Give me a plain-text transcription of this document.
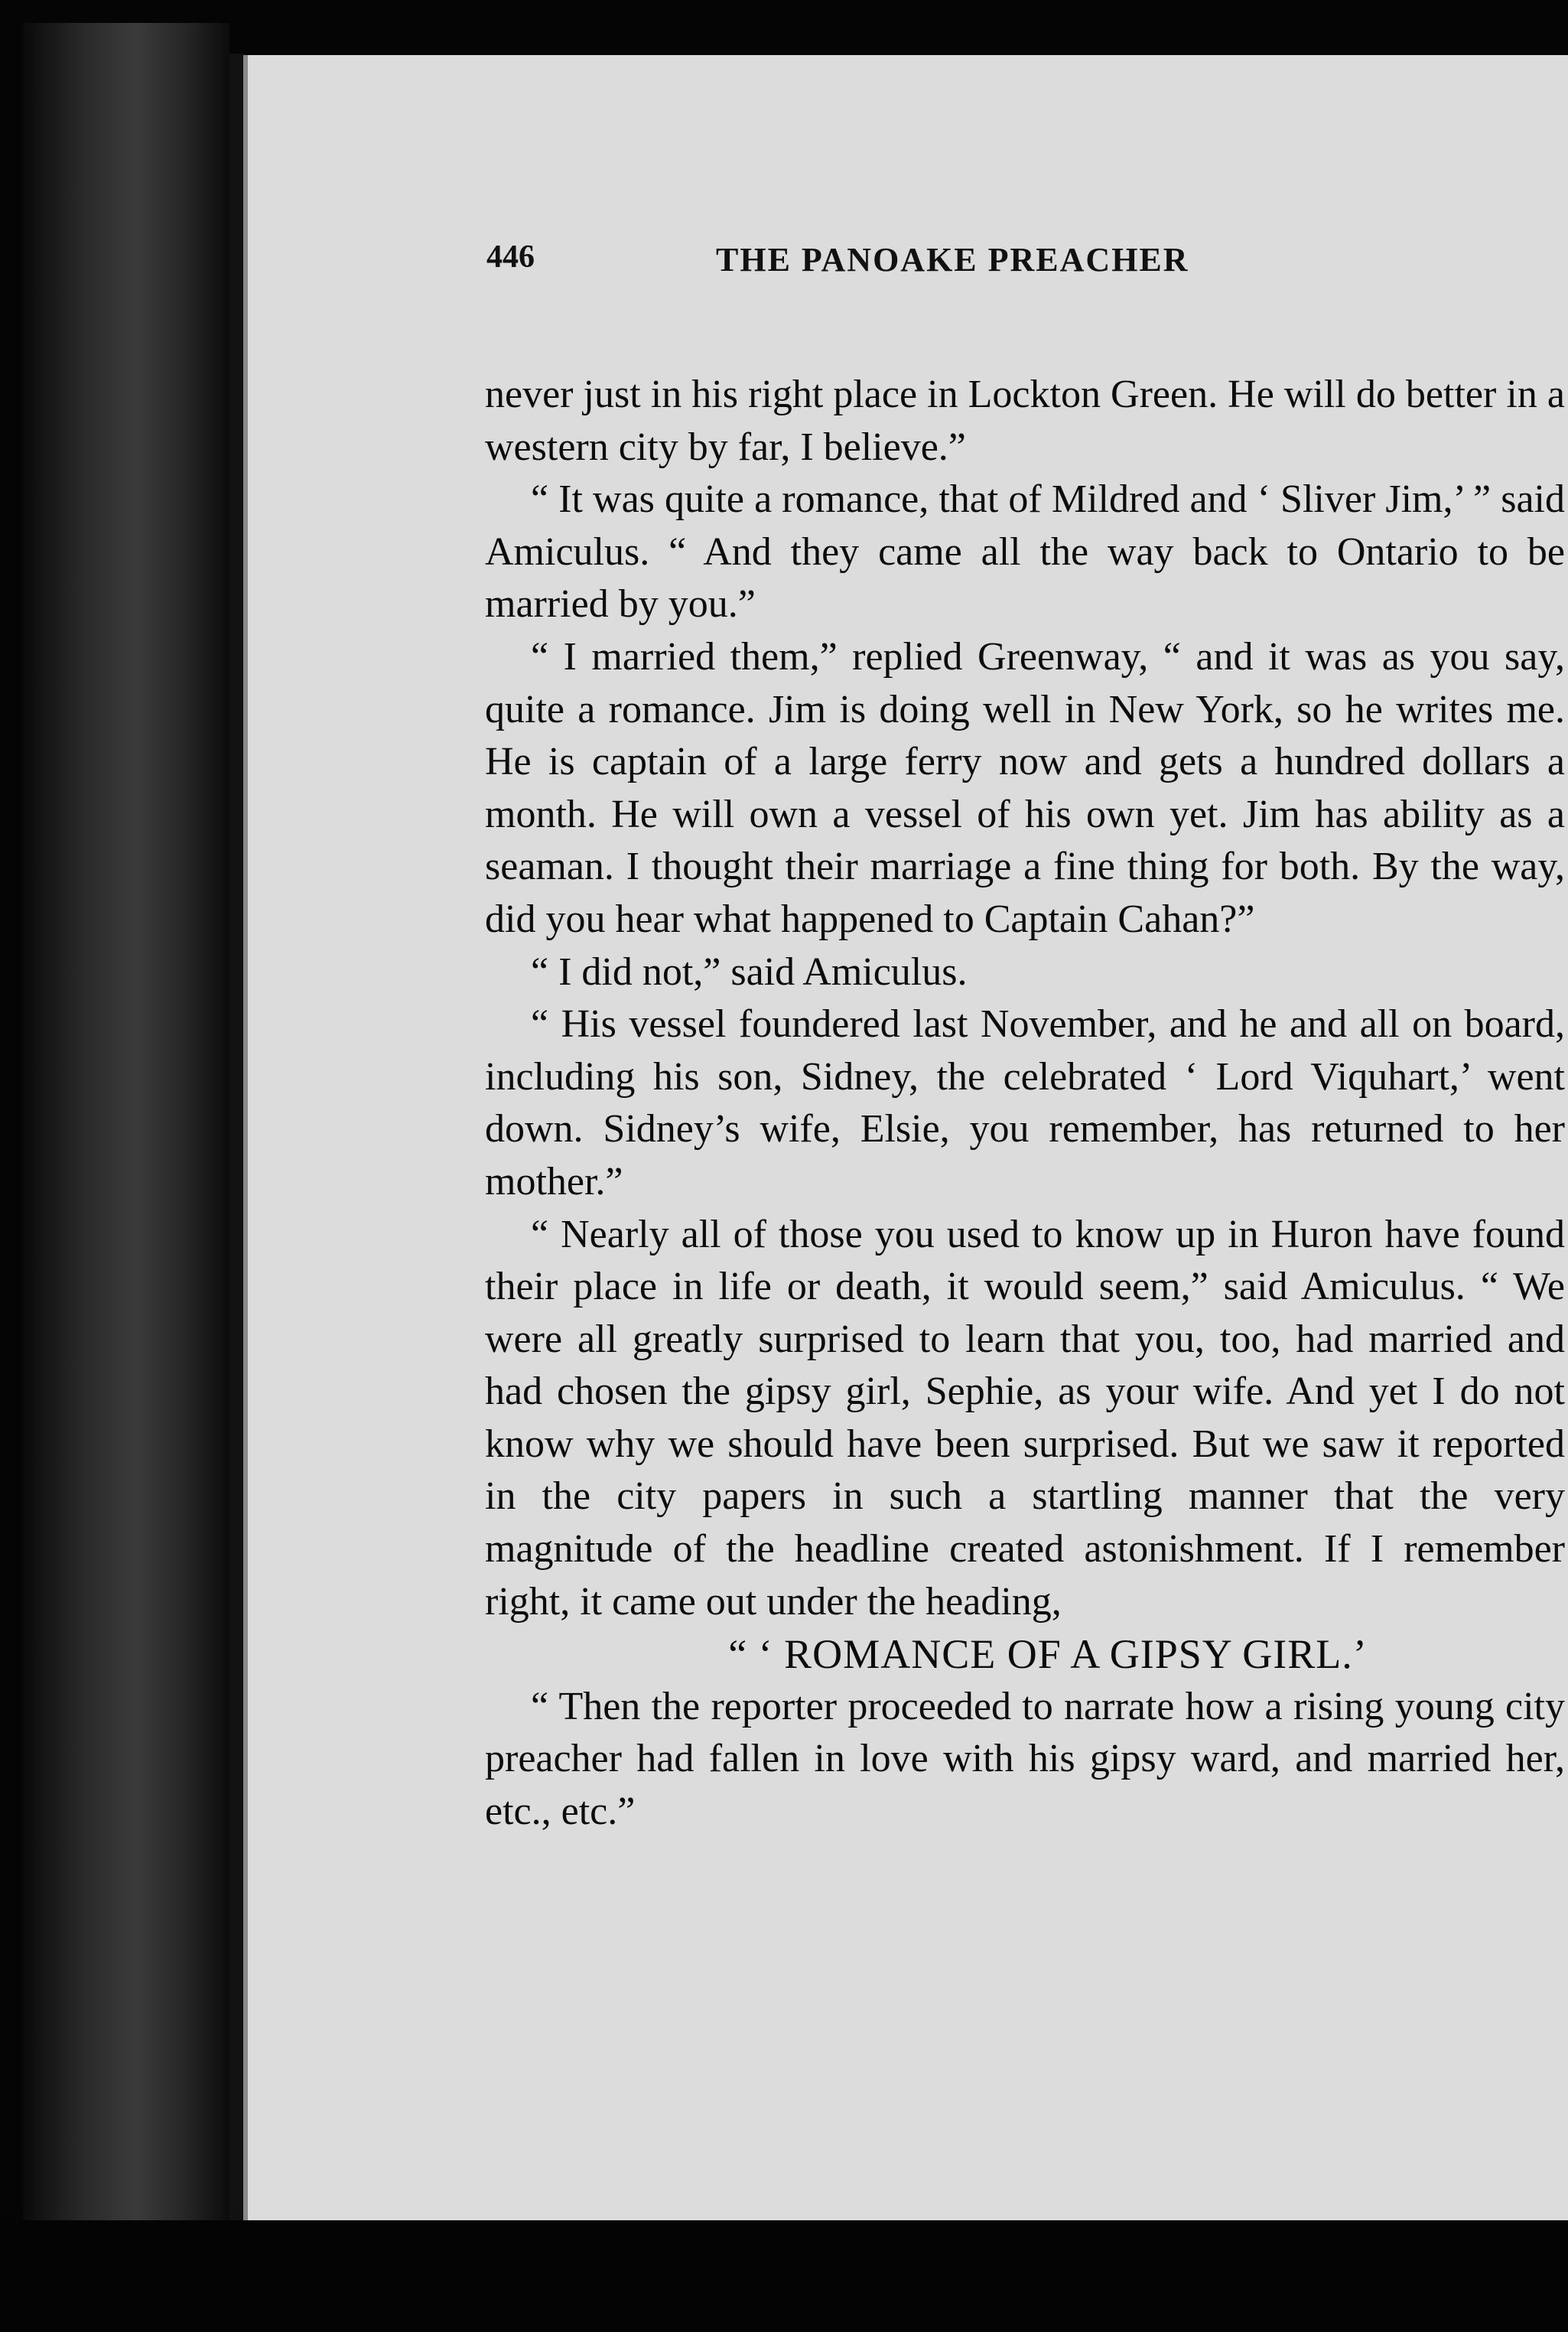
446	THE PANOAKE PREACHER

never just in his right place in Lockton Green. He will do better in a western city by far, I believe.”

“ It was quite a romance, that of Mildred and ‘ Sliver Jim,’ ” said Amiculus. “ And they came all the way back to Ontario to be married by you.”

“ I married them,” replied Greenway, “ and it was as you say, quite a romance. Jim is doing well in New York, so he writes me. He is captain of a large ferry now and gets a hundred dollars a month. He will own a vessel of his own yet. Jim has ability as a seaman. I thought their marriage a fine thing for both. By the way, did you hear what happened to Captain Cahan?”

“ I did not,” said Amiculus.

“ His vessel foundered last November, and he and all on board, including his son, Sidney, the celebrated ‘ Lord Viquhart,’ went down. Sidney’s wife, Elsie, you remember, has returned to her mother.”

“ Nearly all of those you used to know up in Huron have found their place in life or death, it would seem,” said Amiculus. “ We were all greatly surprised to learn that you, too, had married and had chosen the gipsy girl, Sephie, as your wife. And yet I do not know why we should have been surprised. But we saw it reported in the city papers in such a startling manner that the very magnitude of the headline created astonishment. If I remember right, it came out under the heading,

“ ‘ ROMANCE OF A GIPSY GIRL.’

“ Then the reporter proceeded to narrate how a rising young city preacher had fallen in love with his gipsy ward, and married her, etc., etc.”
